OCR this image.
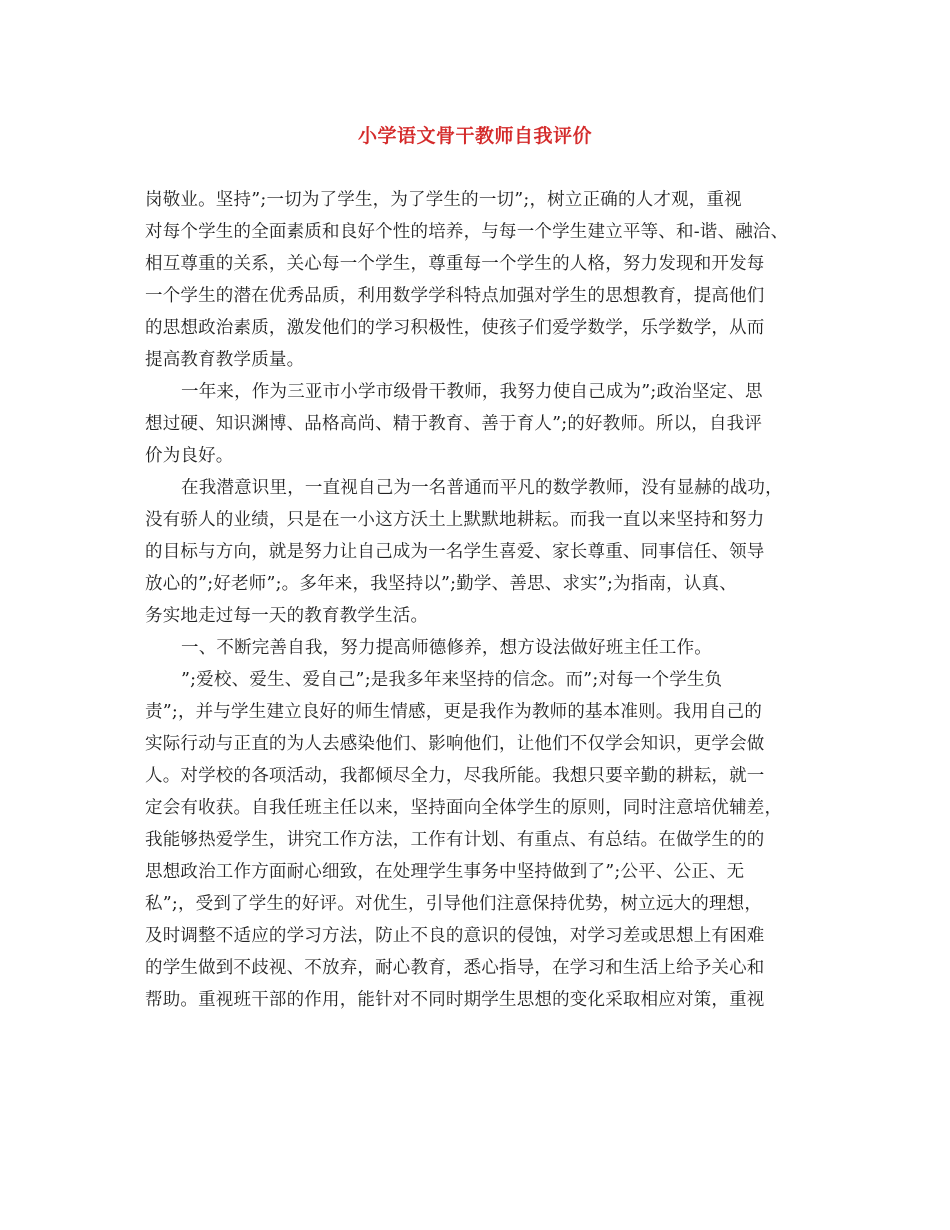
小学语文骨干教师自我评价

岗敬业。坚持”;一切为了学生，为了学生的一切”;，树立正确的人才观，重视

对每个学生的全面素质和良好个性的培养，与每一个学生建立平等、和-谐、融洽、

相互尊重的关系，关心每一个学生，尊重每一个学生的人格，努力发现和开发每

一个学生的潜在优秀品质，利用数学学科特点加强对学生的思想教育，提高他们

的思想政治素质，激发他们的学习积极性，使孩子们爱学数学，乐学数学，从而

提高教育教学质量。

一年来，作为三亚市小学市级骨干教师，我努力使自己成为”;政治坚定、思

想过硬、知识渊博、品格高尚、精于教育、善于育人”;的好教师。所以，自我评

价为良好。

在我潜意识里，一直视自己为一名普通而平凡的数学教师，没有显赫的战功，

没有骄人的业绩，只是在一小这方沃土上默默地耕耘。而我一直以来坚持和努力

的目标与方向，就是努力让自己成为一名学生喜爱、家长尊重、同事信任、领导

放心的”;好老师”;。多年来，我坚持以”;勤学、善思、求实”;为指南，认真、

务实地走过每一天的教育教学生活。

一、不断完善自我，努力提高师德修养，想方设法做好班主任工作。

”;爱校、爱生、爱自己”;是我多年来坚持的信念。而”;对每一个学生负

责”;，并与学生建立良好的师生情感，更是我作为教师的基本准则。我用自己的

实际行动与正直的为人去感染他们、影响他们，让他们不仅学会知识，更学会做

人。对学校的各项活动，我都倾尽全力，尽我所能。我想只要辛勤的耕耘，就一

定会有收获。自我任班主任以来，坚持面向全体学生的原则，同时注意培优辅差，

我能够热爱学生，讲究工作方法，工作有计划、有重点、有总结。在做学生的的

思想政治工作方面耐心细致，在处理学生事务中坚持做到了”;公平、公正、无

私”;，受到了学生的好评。对优生，引导他们注意保持优势，树立远大的理想，

及时调整不适应的学习方法，防止不良的意识的侵蚀，对学习差或思想上有困难

的学生做到不歧视、不放弃，耐心教育，悉心指导，在学习和生活上给予关心和

帮助。重视班干部的作用，能针对不同时期学生思想的变化采取相应对策，重视
